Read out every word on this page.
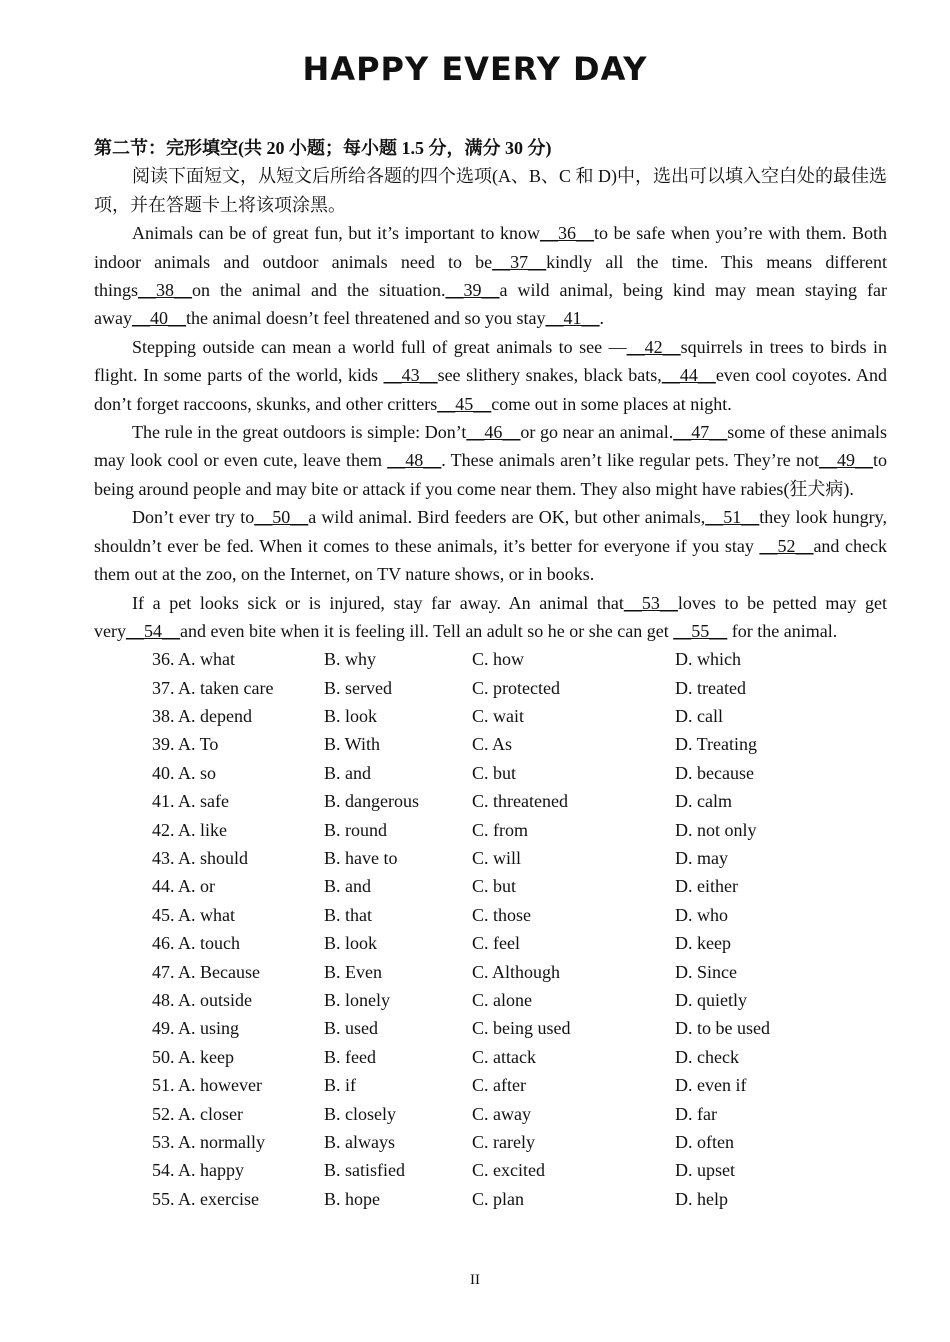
HAPPY EVERY DAY

第二节：完形填空(共 20 小题；每小题 1.5 分，满分 30 分)

阅读下面短文，从短文后所给各题的四个选项(A、B、C 和 D)中，选出可以填入空白处的最佳选项，并在答题卡上将该项涂黑。

Animals can be of great fun, but it’s important to know__36__to be safe when you’re with them. Both indoor animals and outdoor animals need to be__37__kindly all the time. This means different things__38__on the animal and the situation.__39__a wild animal, being kind may mean staying far away__40__the animal doesn’t feel threatened and so you stay__41__.

Stepping outside can mean a world full of great animals to see —__42__squirrels in trees to birds in flight. In some parts of the world, kids __43__see slithery snakes, black bats,__44__even cool coyotes. And don’t forget raccoons, skunks, and other critters__45__come out in some places at night.

The rule in the great outdoors is simple: Don’t__46__or go near an animal.__47__some of these animals may look cool or even cute, leave them __48__. These animals aren’t like regular pets. They’re not__49__to being around people and may bite or attack if you come near them. They also might have rabies(狂犬病).

Don’t ever try to__50__a wild animal. Bird feeders are OK, but other animals,__51__they look hungry, shouldn’t ever be fed. When it comes to these animals, it’s better for everyone if you stay __52__and check them out at the zoo, on the Internet, on TV nature shows, or in books.

If a pet looks sick or is injured, stay far away. An animal that__53__loves to be petted may get very__54__and even bite when it is feeling ill. Tell an adult so he or she can get __55__ for the animal.

36. A. what	B. why	C. how	D. which
37. A. taken care	B. served	C. protected	D. treated
38. A. depend	B. look	C. wait	D. call
39. A. To	B. With	C. As	D. Treating
40. A. so	B. and	C. but	D. because
41. A. safe	B. dangerous	C. threatened	D. calm
42. A. like	B. round	C. from	D. not only
43. A. should	B. have to	C. will	D. may
44. A. or	B. and	C. but	D. either
45. A. what	B. that	C. those	D. who
46. A. touch	B. look	C. feel	D. keep
47. A. Because	B. Even	C. Although	D. Since
48. A. outside	B. lonely	C. alone	D. quietly
49. A. using	B. used	C. being used	D. to be used
50. A. keep	B. feed	C. attack	D. check
51. A. however	B. if	C. after	D. even if
52. A. closer	B. closely	C. away	D. far
53. A. normally	B. always	C. rarely	D. often
54. A. happy	B. satisfied	C. excited	D. upset
55. A. exercise	B. hope	C. plan	D. help
II
